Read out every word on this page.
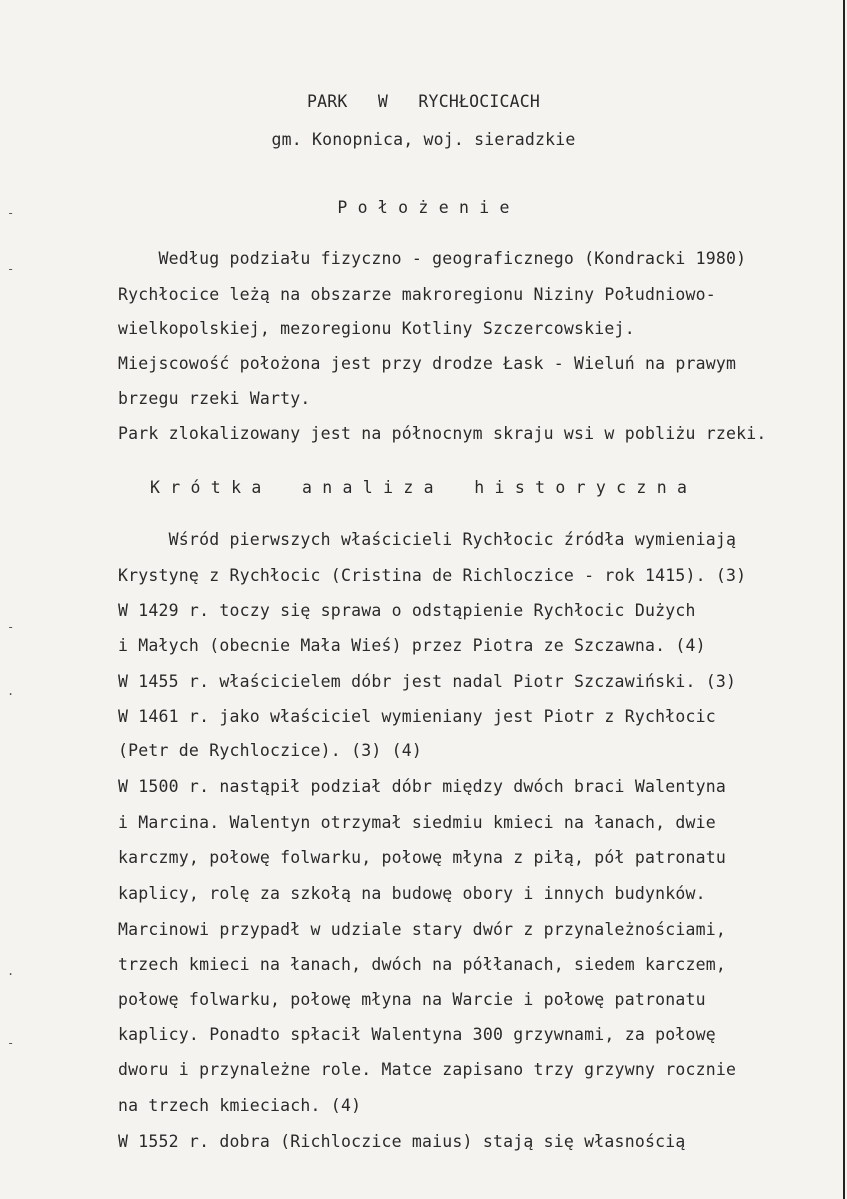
-
-
-
.
.
-
PARK   W   RYCHŁOCICACH
gm. Konopnica, woj. sieradzkie
P o ł o ż e n i e
Według podziału fizyczno - geograficznego (Kondracki 1980)
Rychłocice leżą na obszarze makroregionu Niziny Południowo-
wielkopolskiej, mezoregionu Kotliny Szczercowskiej.
Miejscowość położona jest przy drodze Łask - Wieluń na prawym
brzegu rzeki Warty.
Park zlokalizowany jest na północnym skraju wsi w pobliżu rzeki.
K r ó t k a    a n a l i z a    h i s t o r y c z n a
Wśród pierwszych właścicieli Rychłocic źródła wymieniają
Krystynę z Rychłocic (Cristina de Richloczice - rok 1415). (3)
W 1429 r. toczy się sprawa o odstąpienie Rychłocic Dużych
i Małych (obecnie Mała Wieś) przez Piotra ze Szczawna. (4)
W 1455 r. właścicielem dóbr jest nadal Piotr Szczawiński. (3)
W 1461 r. jako właściciel wymieniany jest Piotr z Rychłocic
(Petr de Rychloczice). (3) (4)
W 1500 r. nastąpił podział dóbr między dwóch braci Walentyna
i Marcina. Walentyn otrzymał siedmiu kmieci na łanach, dwie
karczmy, połowę folwarku, połowę młyna z piłą, pół patronatu
kaplicy, rolę za szkołą na budowę obory i innych budynków.
Marcinowi przypadł w udziale stary dwór z przynależnościami,
trzech kmieci na łanach, dwóch na półłanach, siedem karczem,
połowę folwarku, połowę młyna na Warcie i połowę patronatu
kaplicy. Ponadto spłacił Walentyna 300 grzywnami, za połowę
dworu i przynależne role. Matce zapisano trzy grzywny rocznie
na trzech kmieciach. (4)
W 1552 r. dobra (Richloczice maius) stają się własnością
